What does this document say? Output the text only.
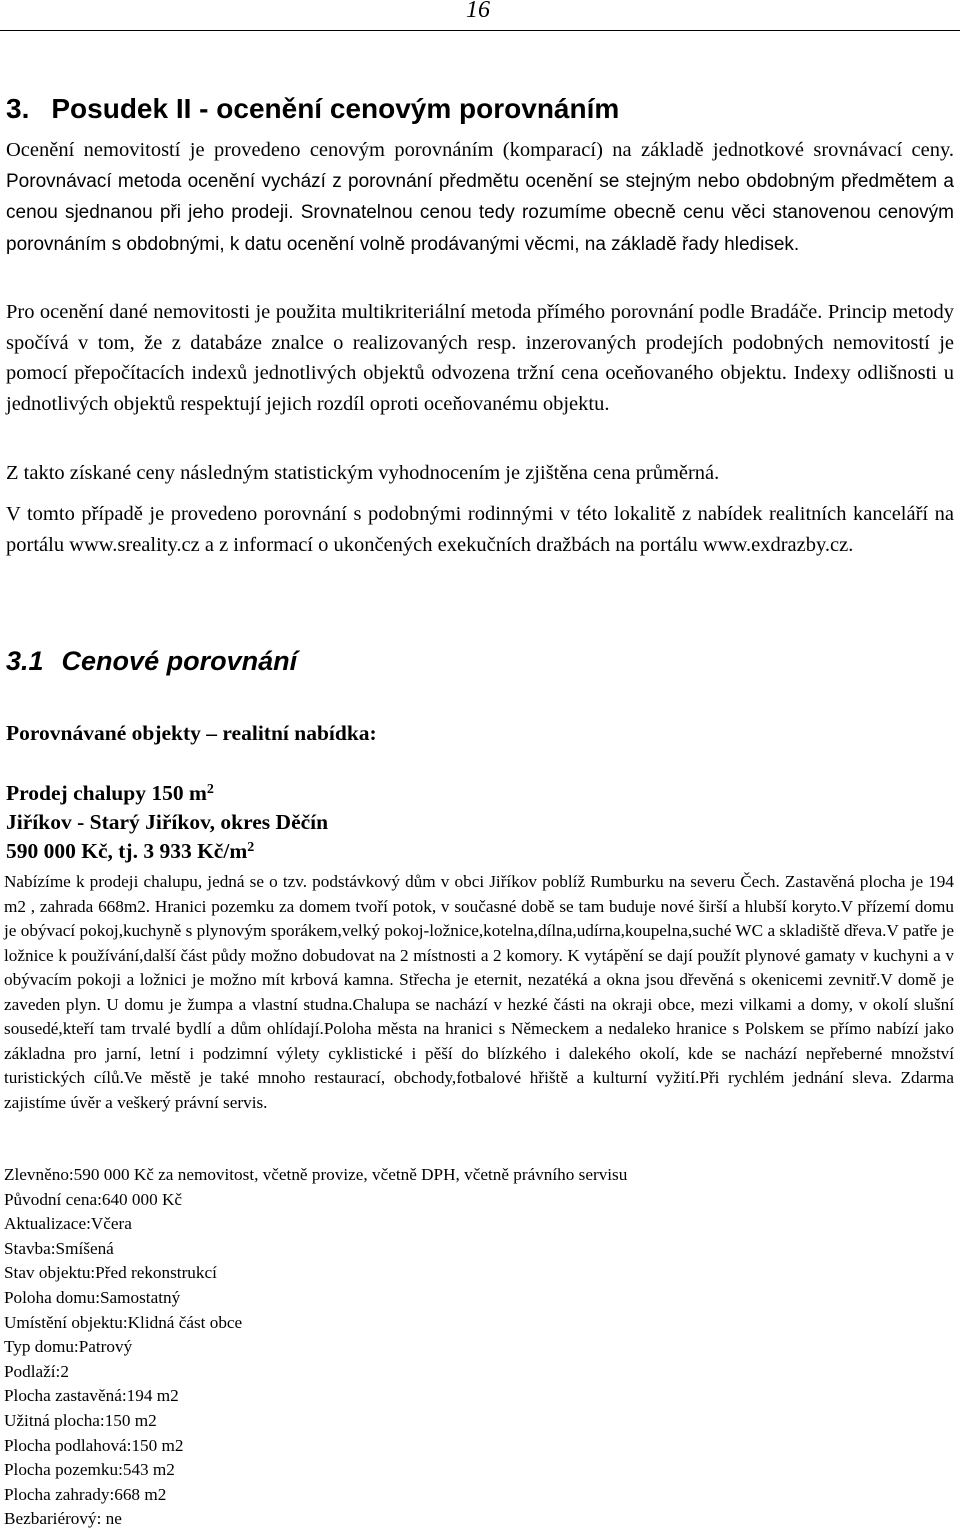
16
3. Posudek II - ocenění cenovým porovnáním

Ocenění nemovitostí je provedeno cenovým porovnáním (komparací) na základě jednotkové srovnávací ceny. Porovnávací metoda ocenění vychází z porovnání předmětu ocenění se stejným nebo obdobným předmětem a cenou sjednanou při jeho prodeji. Srovnatelnou cenou tedy rozumíme obecně cenu věci stanovenou cenovým porovnáním s obdobnými, k datu ocenění volně prodávanými věcmi, na základě řady hledisek.

Pro ocenění dané nemovitosti je použita multikriteriální metoda přímého porovnání podle Bradáče. Princip metody spočívá v tom, že z databáze znalce o realizovaných resp. inzerovaných prodejích podobných nemovitostí je pomocí přepočítacích indexů jednotlivých objektů odvozena tržní cena oceňovaného objektu. Indexy odlišnosti u jednotlivých objektů respektují jejich rozdíl oproti oceňovanému objektu.

Z takto získané ceny následným statistickým vyhodnocením je zjištěna cena průměrná.

V tomto případě je provedeno porovnání s podobnými rodinnými v této lokalitě z nabídek realitních kanceláří na portálu www.sreality.cz a z informací o ukončených exekučních dražbách na portálu www.exdrazby.cz.

3.1 Cenové porovnání
Porovnávané objekty – realitní nabídka:
Prodej chalupy 150 $m^2$
Jiříkov - Starý Jiříkov, okres Děčín
590 000 Kč, tj. 3 933 $Kč/m^2$

Nabízíme k prodeji chalupu, jedná se o tzv. podstávkový dům v obci Jiříkov poblíž Rumburku na severu Čech. Zastavěná plocha je 194 m2 , zahrada 668m2. Hranici pozemku za domem tvoří potok, v současné době se tam buduje nové širší a hlubší koryto.V přízemí domu je obývací pokoj,kuchyně s plynovým sporákem,velký pokoj-ložnice,kotelna,dílna,udírna,koupelna,suché WC a skladiště dřeva.V patře je ložnice k používání,další část půdy možno dobudovat na 2 místnosti a 2 komory. K vytápění se dají použít plynové gamaty v kuchyni a v obývacím pokoji a ložnici je možno mít krbová kamna. Střecha je eternit, nezatéká a okna jsou dřevěná s okenicemi zevnitř.V domě je zaveden plyn. U domu je žumpa a vlastní studna.Chalupa se nachází v hezké části na okraji obce, mezi vilkami a domy, v okolí slušní sousedé,kteří tam trvalé bydlí a dům ohlídají.Poloha města na hranici s Německem a nedaleko hranice s Polskem se přímo nabízí jako základna pro jarní, letní i podzimní výlety cyklistické i pěší do blízkého i dalekého okolí, kde se nachází nepřeberné množství turistických cílů.Ve městě je také mnoho restaurací, obchody,fotbalové hřiště a kulturní vyžití.Při rychlém jednání sleva. Zdarma zajistíme úvěr a veškerý právní servis.

Zlevněno:590 000 Kč za nemovitost, včetně provize, včetně DPH, včetně právního servisu
Původní cena:640 000 Kč
Aktualizace:Včera
Stavba:Smíšená
Stav objektu:Před rekonstrukcí
Poloha domu:Samostatný
Umístění objektu:Klidná část obce
Typ domu:Patrový
Podlaží:2
Plocha zastavěná:194 m2
Užitná plocha:150 m2
Plocha podlahová:150 m2
Plocha pozemku:543 m2
Plocha zahrady:668 m2
Bezbariérový: ne
